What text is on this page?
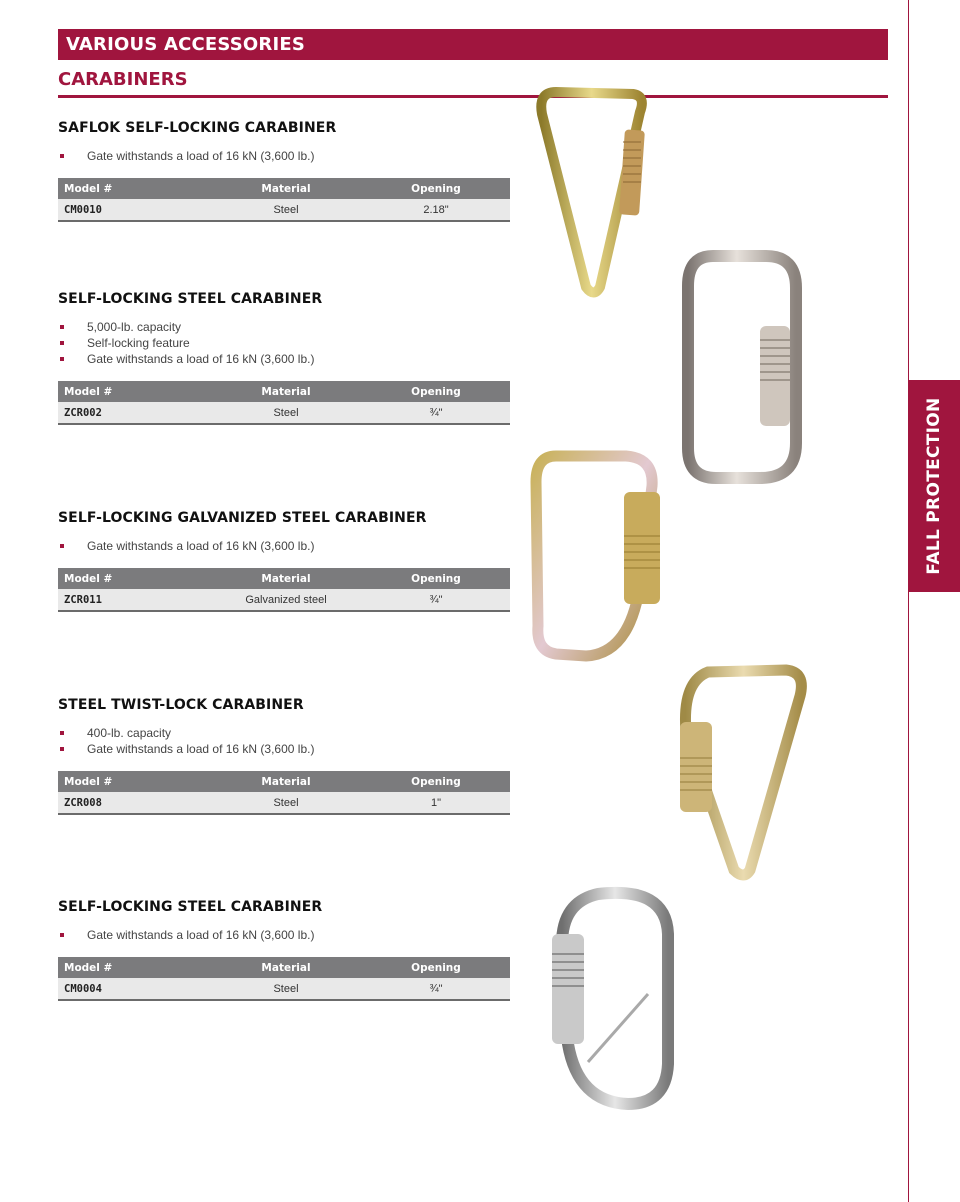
VARIOUS ACCESSORIES
CARABINERS
FALL PROTECTION
SAFLOK SELF-LOCKING CARABINER
Gate withstands a load of 16 kN (3,600 lb.)
Model #	Material	Opening
CM0010	Steel	2.18"
SELF-LOCKING STEEL CARABINER
5,000-lb. capacity
Self-locking feature
Gate withstands a load of 16 kN (3,600 lb.)
Model #	Material	Opening
ZCR002	Steel	¾"
SELF-LOCKING GALVANIZED STEEL CARABINER
Gate withstands a load of 16 kN (3,600 lb.)
Model #	Material	Opening
ZCR011	Galvanized steel	¾"
STEEL TWIST-LOCK CARABINER
400-lb. capacity
Gate withstands a load of 16 kN (3,600 lb.)
Model #	Material	Opening
ZCR008	Steel	1"
SELF-LOCKING STEEL CARABINER
Gate withstands a load of 16 kN (3,600 lb.)
Model #	Material	Opening
CM0004	Steel	¾"
